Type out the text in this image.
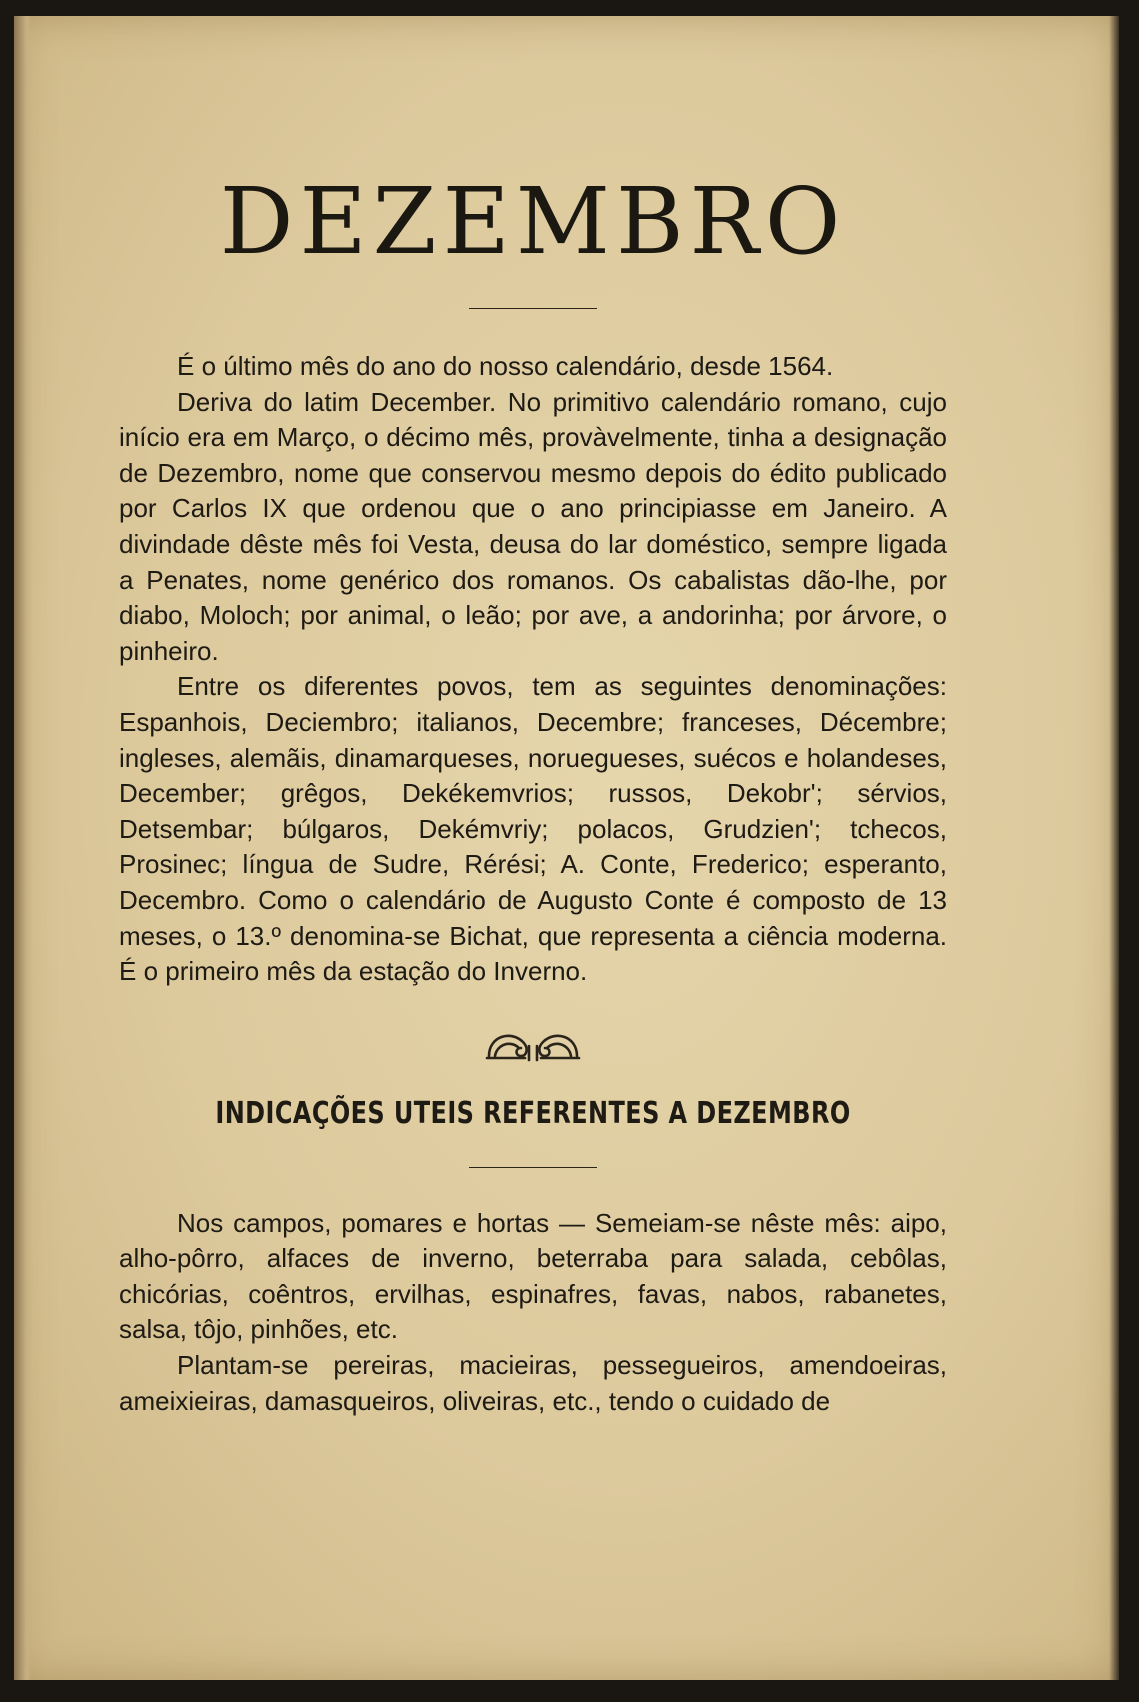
DEZEMBRO

É o último mês do ano do nosso calendário, desde 1564.

Deriva do latim December. No primitivo calendário romano, cujo início era em Março, o décimo mês, provàvelmente, tinha a designação de Dezembro, nome que conservou mesmo depois do édito publicado por Carlos IX que ordenou que o ano principiasse em Janeiro. A divindade dêste mês foi Vesta, deusa do lar doméstico, sempre ligada a Penates, nome genérico dos romanos. Os cabalistas dão-lhe, por diabo, Moloch; por animal, o leão; por ave, a andorinha; por árvore, o pinheiro.

Entre os diferentes povos, tem as seguintes denominações: Espanhois, Deciembro; italianos, Decembre; franceses, Décembre; ingleses, alemãis, dinamarqueses, noruegueses, suécos e holandeses, December; grêgos, Dekékemvrios; russos, Dekobr'; sérvios, Detsembar; búlgaros, Dekémvriy; polacos, Grudzien'; tchecos, Prosinec; língua de Sudre, Rérési; A. Conte, Frederico; esperanto, Decembro. Como o calendário de Augusto Conte é composto de 13 meses, o 13.º denomina-se Bichat, que representa a ciência moderna. É o primeiro mês da estação do Inverno.

INDICAÇÕES UTEIS REFERENTES A DEZEMBRO

Nos campos, pomares e hortas — Semeiam-se nêste mês: aipo, alho-pôrro, alfaces de inverno, beterraba para salada, cebôlas, chicórias, coêntros, ervilhas, espinafres, favas, nabos, rabanetes, salsa, tôjo, pinhões, etc.

Plantam-se pereiras, macieiras, pessegueiros, amendoeiras, ameixieiras, damasqueiros, oliveiras, etc., tendo o cuidado de
